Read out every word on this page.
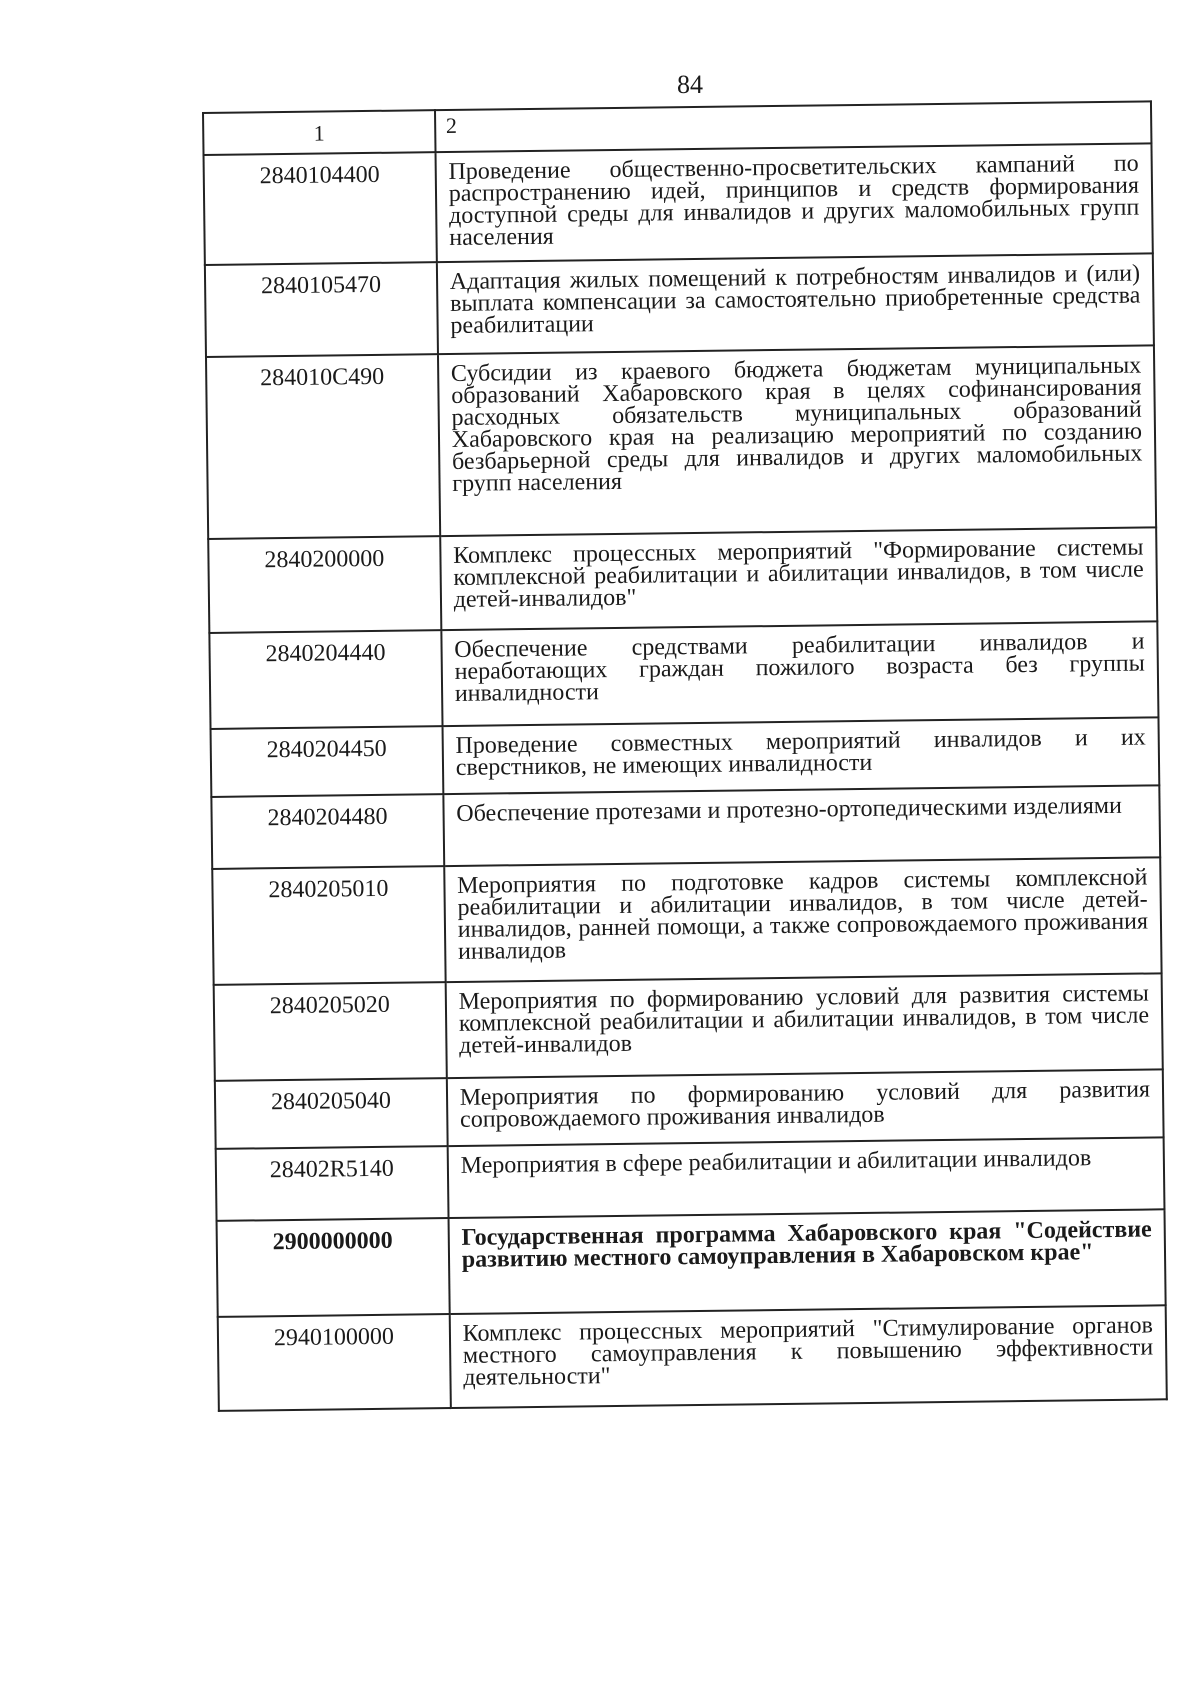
84
1	2
2840104400	Проведение общественно-просветительских кампаний по распространению идей, принципов и средств формирования доступной среды для инвалидов и других маломобильных групп населения
2840105470	Адаптация жилых помещений к потребностям инвалидов и (или) выплата компенсации за самостоятельно приобретенные средства реабилитации
284010C490	Субсидии из краевого бюджета бюджетам муниципальных образований Хабаровского края в целях софинансирования расходных обязательств муниципальных образований Хабаровского края на реализацию мероприятий по созданию безбарьерной среды для инвалидов и других маломобильных групп населения
2840200000	Комплекс процессных мероприятий "Формирование системы комплексной реабилитации и абилитации инвалидов, в том числе детей-инвалидов"
2840204440	Обеспечение средствами реабилитации инвалидов и неработающих граждан пожилого возраста без группы инвалидности
2840204450	Проведение совместных мероприятий инвалидов и их сверстников, не имеющих инвалидности
2840204480	Обеспечение протезами и протезно-ортопедическими изделиями
2840205010	Мероприятия по подготовке кадров системы комплексной реабилитации и абилитации инвалидов, в том числе детей-инвалидов, ранней помощи, а также сопровождаемого проживания инвалидов
2840205020	Мероприятия по формированию условий для развития системы комплексной реабилитации и абилитации инвалидов, в том числе детей-инвалидов
2840205040	Мероприятия по формированию условий для развития сопровождаемого проживания инвалидов
28402R5140	Мероприятия в сфере реабилитации и абилитации инвалидов
2900000000	Государственная программа Хабаровского края "Содействие развитию местного самоуправления в Хабаровском крае"
2940100000	Комплекс процессных мероприятий "Стимулирование органов местного самоуправления к повышению эффективности деятельности"
